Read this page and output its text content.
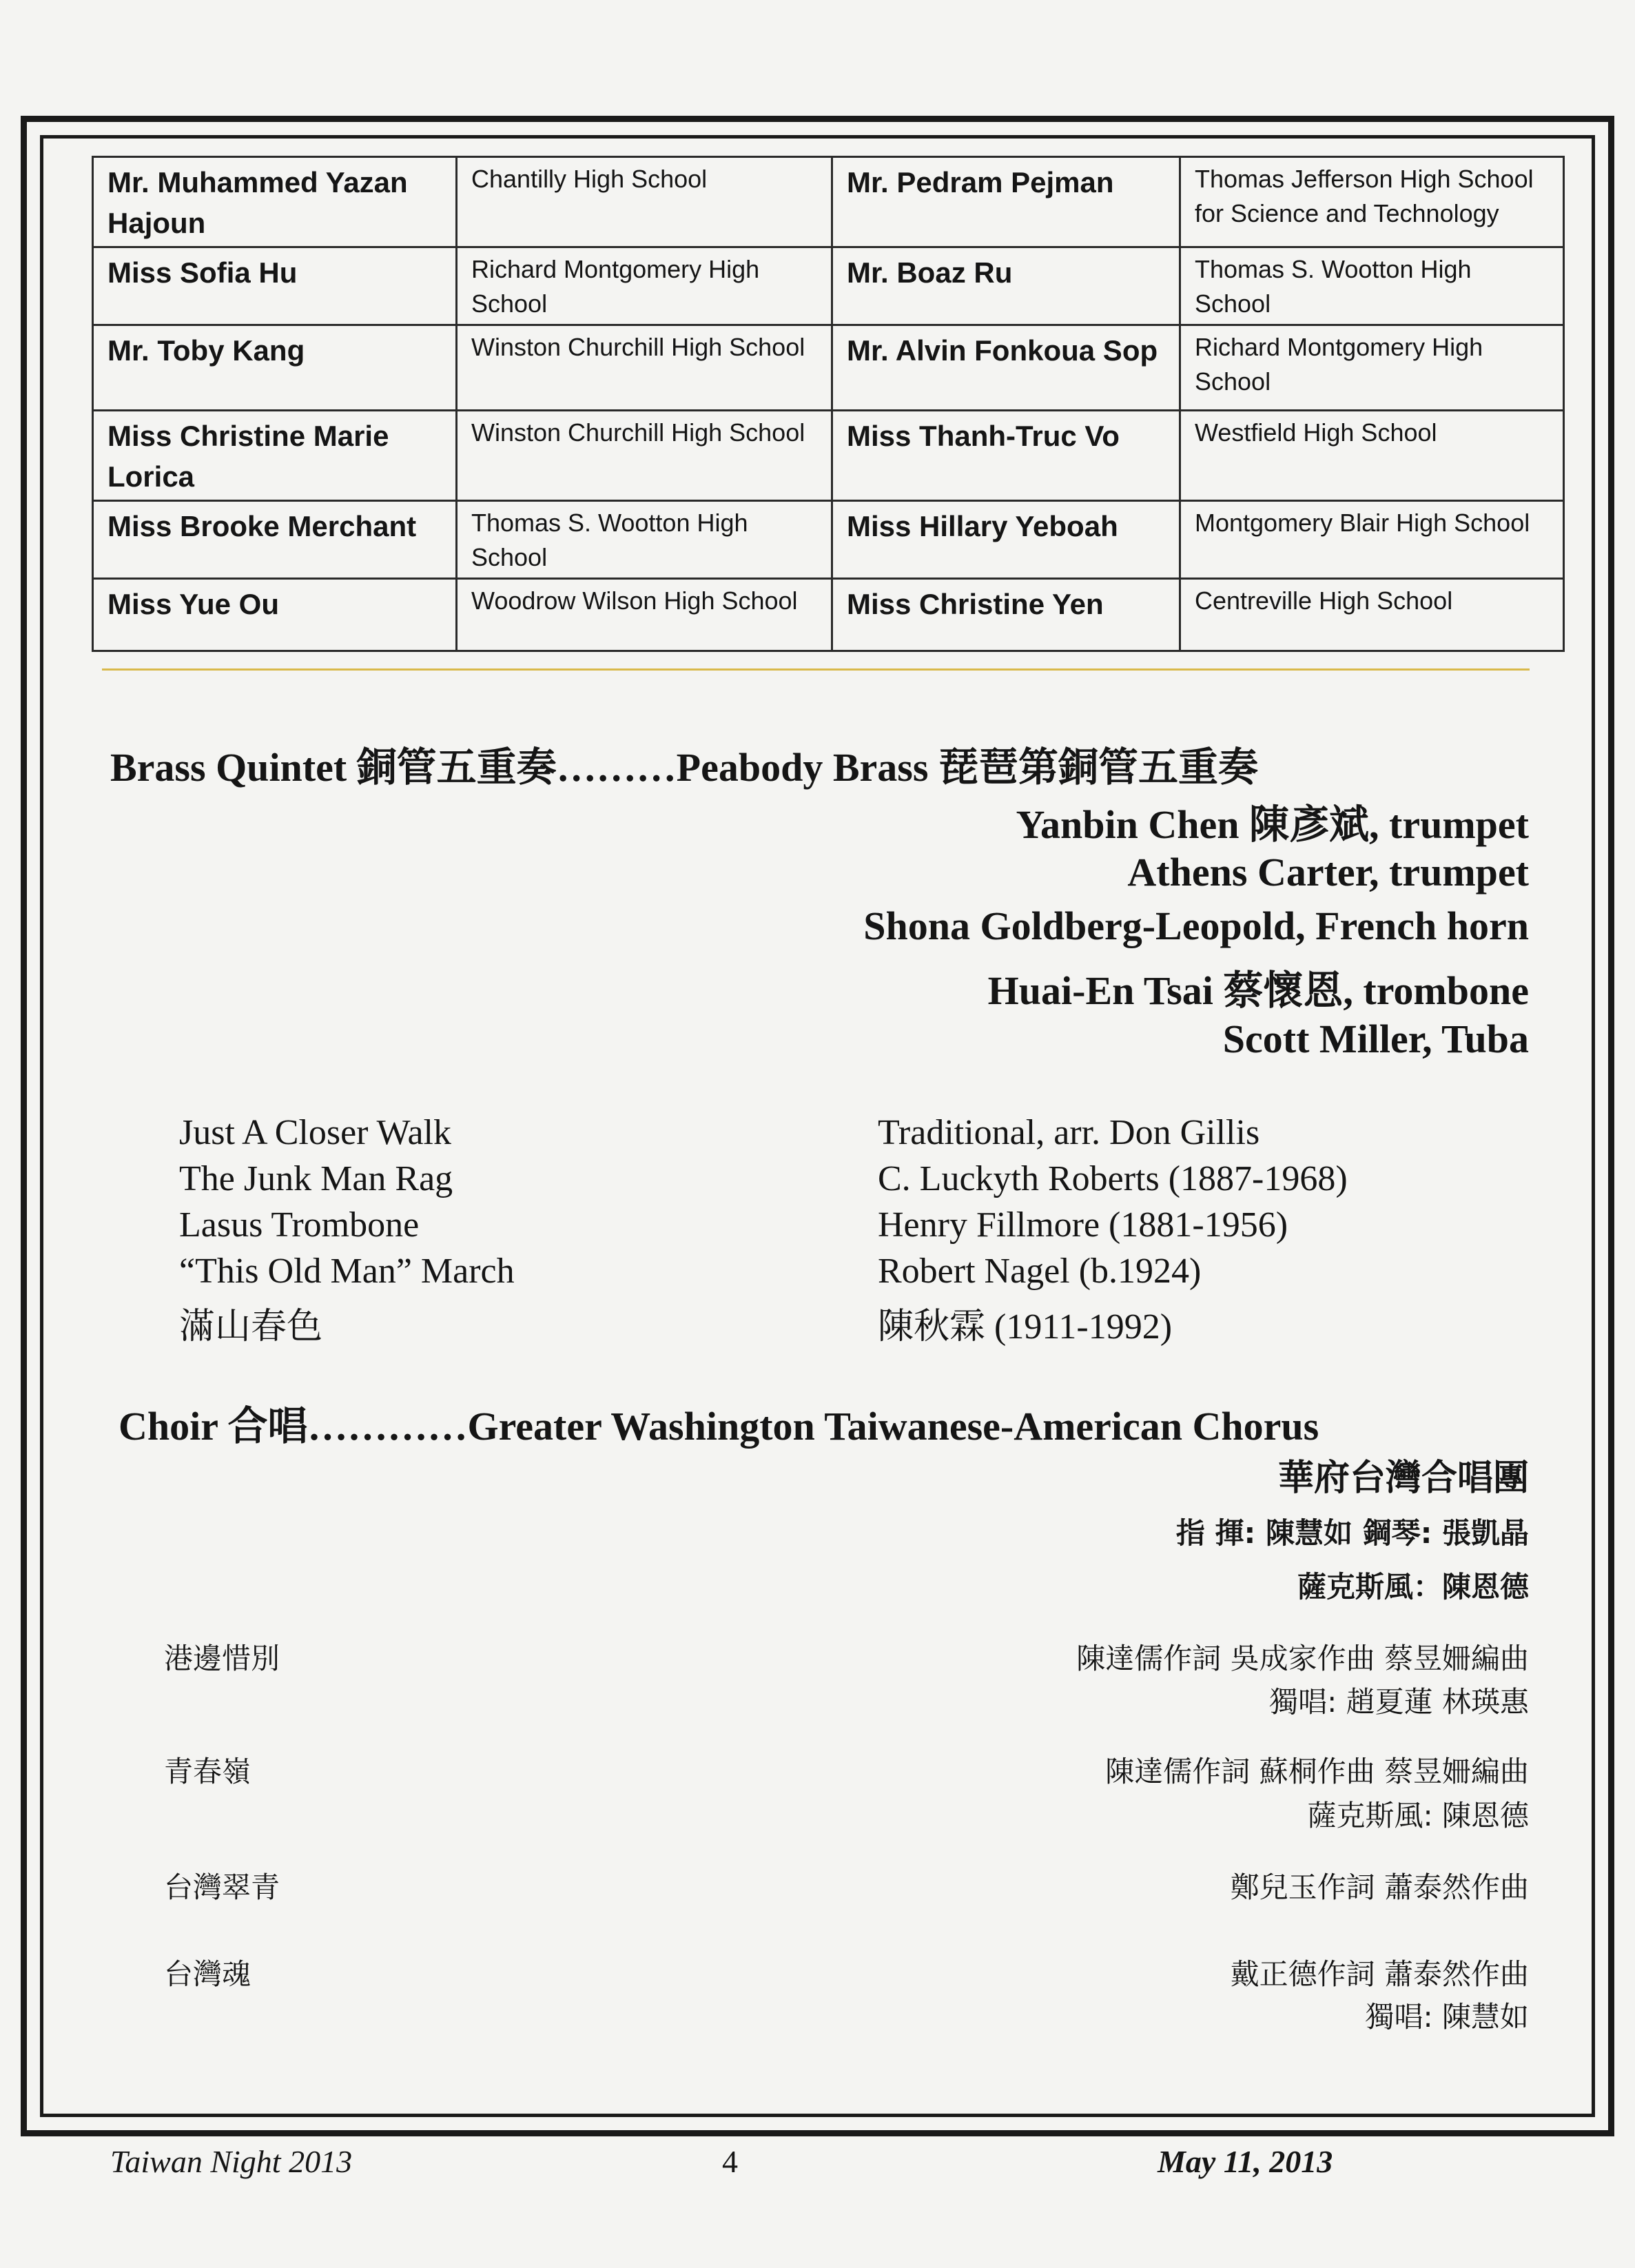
Mr. Muhammed Yazan Hajoun	Chantilly High School	Mr. Pedram Pejman	Thomas Jefferson High School for Science and Technology
Miss Sofia Hu	Richard Montgomery High School	Mr. Boaz Ru	Thomas S. Wootton High School
Mr. Toby Kang	Winston Churchill High School	Mr. Alvin Fonkoua Sop	Richard Montgomery High School
Miss Christine Marie Lorica	Winston Churchill High School	Miss Thanh-Truc Vo	Westfield High School
Miss Brooke Merchant	Thomas S. Wootton High School	Miss Hillary Yeboah	Montgomery Blair High School
Miss Yue Ou	Woodrow Wilson High School	Miss Christine Yen	Centreville High School
Brass Quintet 銅管五重奏………Peabody Brass 琵琶第銅管五重奏
Yanbin Chen 陳彥斌, trumpet
Athens Carter, trumpet
Shona Goldberg-Leopold, French horn
Huai-En Tsai 蔡懷恩, trombone
Scott Miller, Tuba
Just A Closer Walk	Traditional, arr. Don Gillis
The Junk Man Rag	C. Luckyth Roberts (1887-1968)
Lasus Trombone	Henry Fillmore (1881-1956)
“This Old Man” March	Robert Nagel (b.1924)
滿山春色	陳秋霖 (1911-1992)
Choir 合唱…………Greater Washington Taiwanese-American Chorus
華府台灣合唱團
指 揮: 陳慧如 鋼琴: 張凱晶
薩克斯風：陳恩德
港邊惜別	陳達儒作詞 吳成家作曲 蔡昱姍編曲
獨唱: 趙夏蓮 林瑛惠
青春嶺	陳達儒作詞 蘇桐作曲 蔡昱姍編曲
薩克斯風: 陳恩德
台灣翠青	鄭兒玉作詞 蕭泰然作曲
台灣魂	戴正德作詞 蕭泰然作曲
獨唱: 陳慧如
Taiwan Night 2013	4	May 11, 2013
